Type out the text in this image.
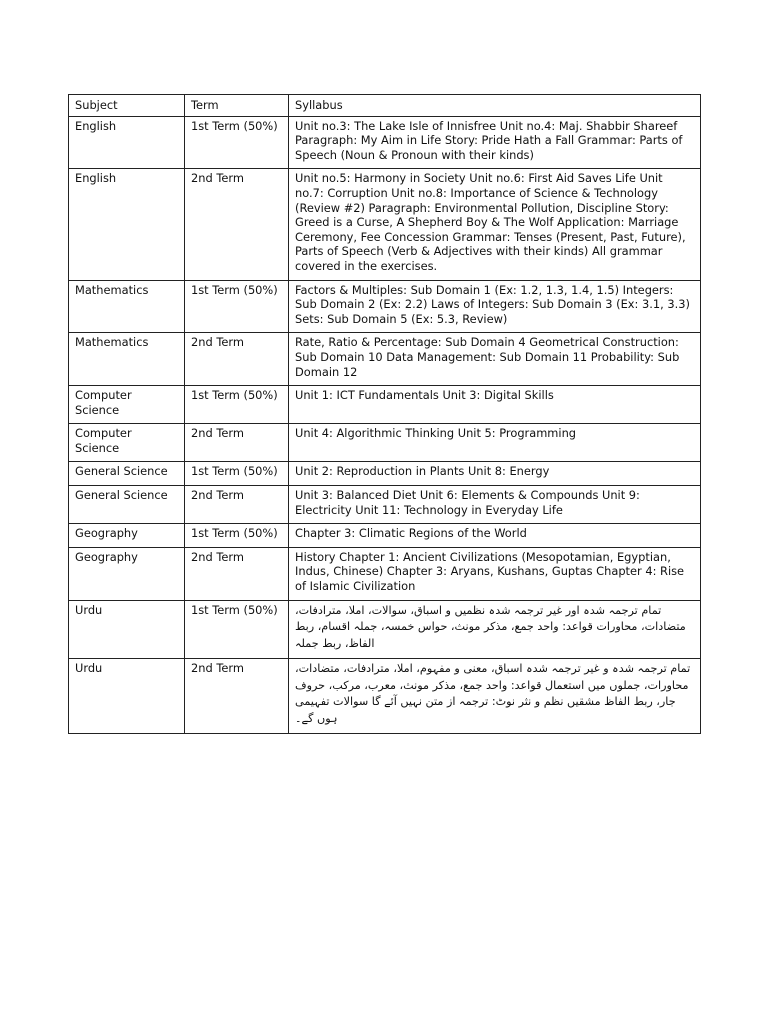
Subject	Term	Syllabus
English	1st Term (50%)	Unit no.3: The Lake Isle of Innisfree Unit no.4: Maj. Shabbir Shareef Paragraph: My Aim in Life Story: Pride Hath a Fall Grammar: Parts of Speech (Noun & Pronoun with their kinds)
English	2nd Term	Unit no.5: Harmony in Society Unit no.6: First Aid Saves Life Unit no.7: Corruption Unit no.8: Importance of Science & Technology (Review #2) Paragraph: Environmental Pollution, Discipline Story: Greed is a Curse, A Shepherd Boy & The Wolf Application: Marriage Ceremony, Fee Concession Grammar: Tenses (Present, Past, Future), Parts of Speech (Verb & Adjectives with their kinds) All grammar covered in the exercises.
Mathematics	1st Term (50%)	Factors & Multiples: Sub Domain 1 (Ex: 1.2, 1.3, 1.4, 1.5) Integers: Sub Domain 2 (Ex: 2.2) Laws of Integers: Sub Domain 3 (Ex: 3.1, 3.3) Sets: Sub Domain 5 (Ex: 5.3, Review)
Mathematics	2nd Term	Rate, Ratio & Percentage: Sub Domain 4 Geometrical Construction: Sub Domain 10 Data Management: Sub Domain 11 Probability: Sub Domain 12
Computer Science	1st Term (50%)	Unit 1: ICT Fundamentals Unit 3: Digital Skills
Computer Science	2nd Term	Unit 4: Algorithmic Thinking Unit 5: Programming
General Science	1st Term (50%)	Unit 2: Reproduction in Plants Unit 8: Energy
General Science	2nd Term	Unit 3: Balanced Diet Unit 6: Elements & Compounds Unit 9: Electricity Unit 11: Technology in Everyday Life
Geography	1st Term (50%)	Chapter 3: Climatic Regions of the World
Geography	2nd Term	History Chapter 1: Ancient Civilizations (Mesopotamian, Egyptian, Indus, Chinese) Chapter 3: Aryans, Kushans, Guptas Chapter 4: Rise of Islamic Civilization
Urdu	1st Term (50%)	تمام ترجمہ شدہ اور غیر ترجمہ شدہ نظمیں و اسباق، سوالات، املا، مترادفات، متضادات، محاورات قواعد: واحد جمع، مذکر مونث، حواس خمسہ، جملہ اقسام، ربط الفاظ، ربط جملہ
Urdu	2nd Term	تمام ترجمہ شدہ و غیر ترجمہ شدہ اسباق، معنی و مفہوم، املا، مترادفات، متضادات، محاورات، جملوں میں استعمال قواعد: واحد جمع، مذکر مونث، معرب، مرکب، حروف جار، ربط الفاظ مشقیں نظم و نثر نوٹ: ترجمہ از متن نہیں آئے گا سوالات تفہیمی ہوں گے۔
